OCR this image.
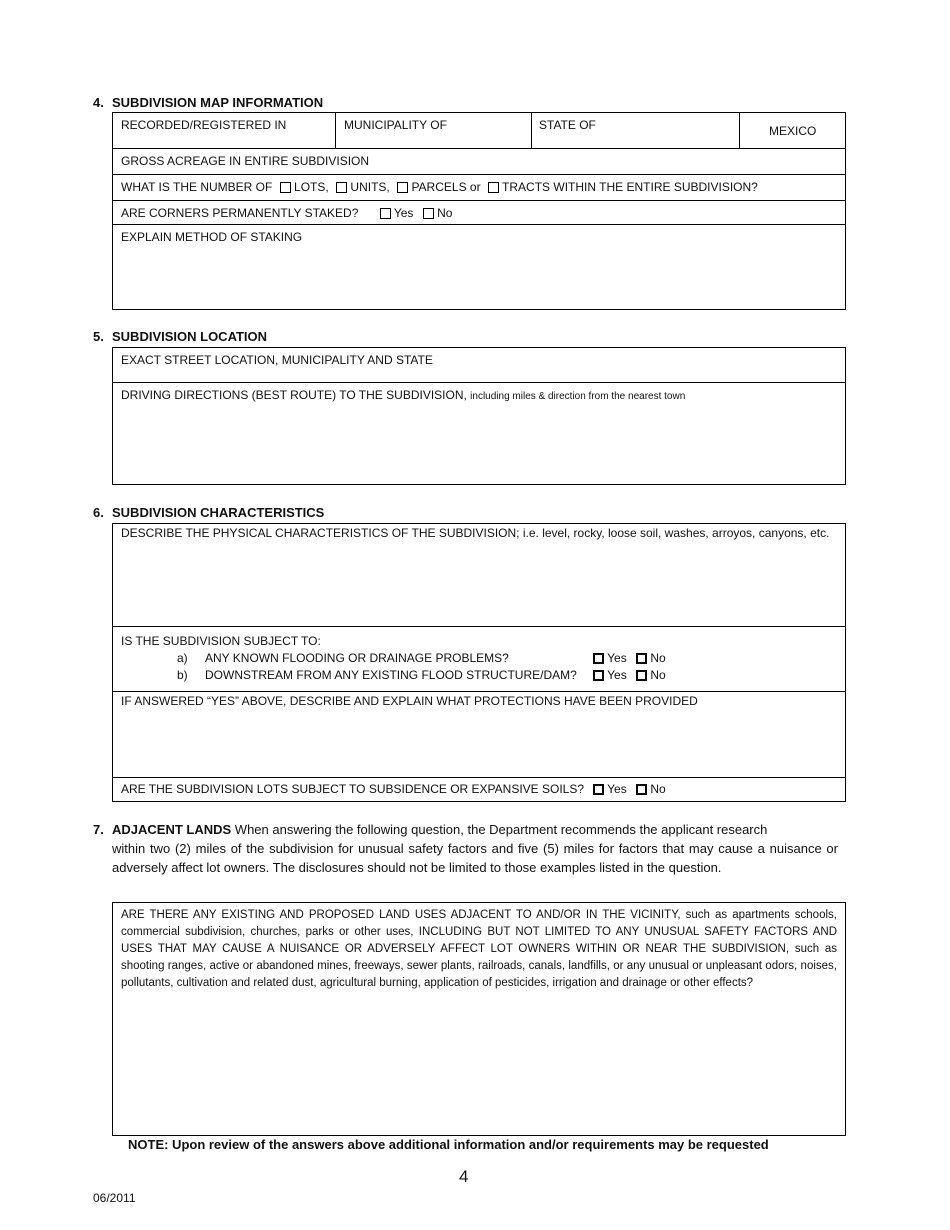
4. SUBDIVISION MAP INFORMATION
RECORDED/REGISTERED IN	MUNICIPALITY OF	STATE OF	MEXICO
GROSS ACREAGE IN ENTIRE SUBDIVISION
WHAT IS THE NUMBER OF LOTS, UNITS, PARCELS or TRACTS WITHIN THE ENTIRE SUBDIVISION?
ARE CORNERS PERMANENTLY STAKED?	Yes No
EXPLAIN METHOD OF STAKING
5. SUBDIVISION LOCATION
EXACT STREET LOCATION, MUNICIPALITY AND STATE
DRIVING DIRECTIONS (BEST ROUTE) TO THE SUBDIVISION, including miles & direction from the nearest town
6. SUBDIVISION CHARACTERISTICS
DESCRIBE THE PHYSICAL CHARACTERISTICS OF THE SUBDIVISION; i.e. level, rocky, loose soil, washes, arroyos, canyons, etc.
IS THE SUBDIVISION SUBJECT TO:
a) ANY KNOWN FLOODING OR DRAINAGE PROBLEMS?	Yes No
b) DOWNSTREAM FROM ANY EXISTING FLOOD STRUCTURE/DAM?	Yes No
IF ANSWERED “YES” ABOVE, DESCRIBE AND EXPLAIN WHAT PROTECTIONS HAVE BEEN PROVIDED
ARE THE SUBDIVISION LOTS SUBJECT TO SUBSIDENCE OR EXPANSIVE SOILS?	Yes No
7. ADJACENT LANDS When answering the following question, the Department recommends the applicant research
within two (2) miles of the subdivision for unusual safety factors and five (5) miles for factors that may cause a nuisance or adversely affect lot owners. The disclosures should not be limited to those examples listed in the question.
ARE THERE ANY EXISTING AND PROPOSED LAND USES ADJACENT TO AND/OR IN THE VICINITY, such as apartments schools, commercial subdivision, churches, parks or other uses, INCLUDING BUT NOT LIMITED TO ANY UNUSUAL SAFETY FACTORS AND USES THAT MAY CAUSE A NUISANCE OR ADVERSELY AFFECT LOT OWNERS WITHIN OR NEAR THE SUBDIVISION, such as shooting ranges, active or abandoned mines, freeways, sewer plants, railroads, canals, landfills, or any unusual or unpleasant odors, noises, pollutants, cultivation and related dust, agricultural burning, application of pesticides, irrigation and drainage or other effects?
NOTE: Upon review of the answers above additional information and/or requirements may be requested
4
06/2011
